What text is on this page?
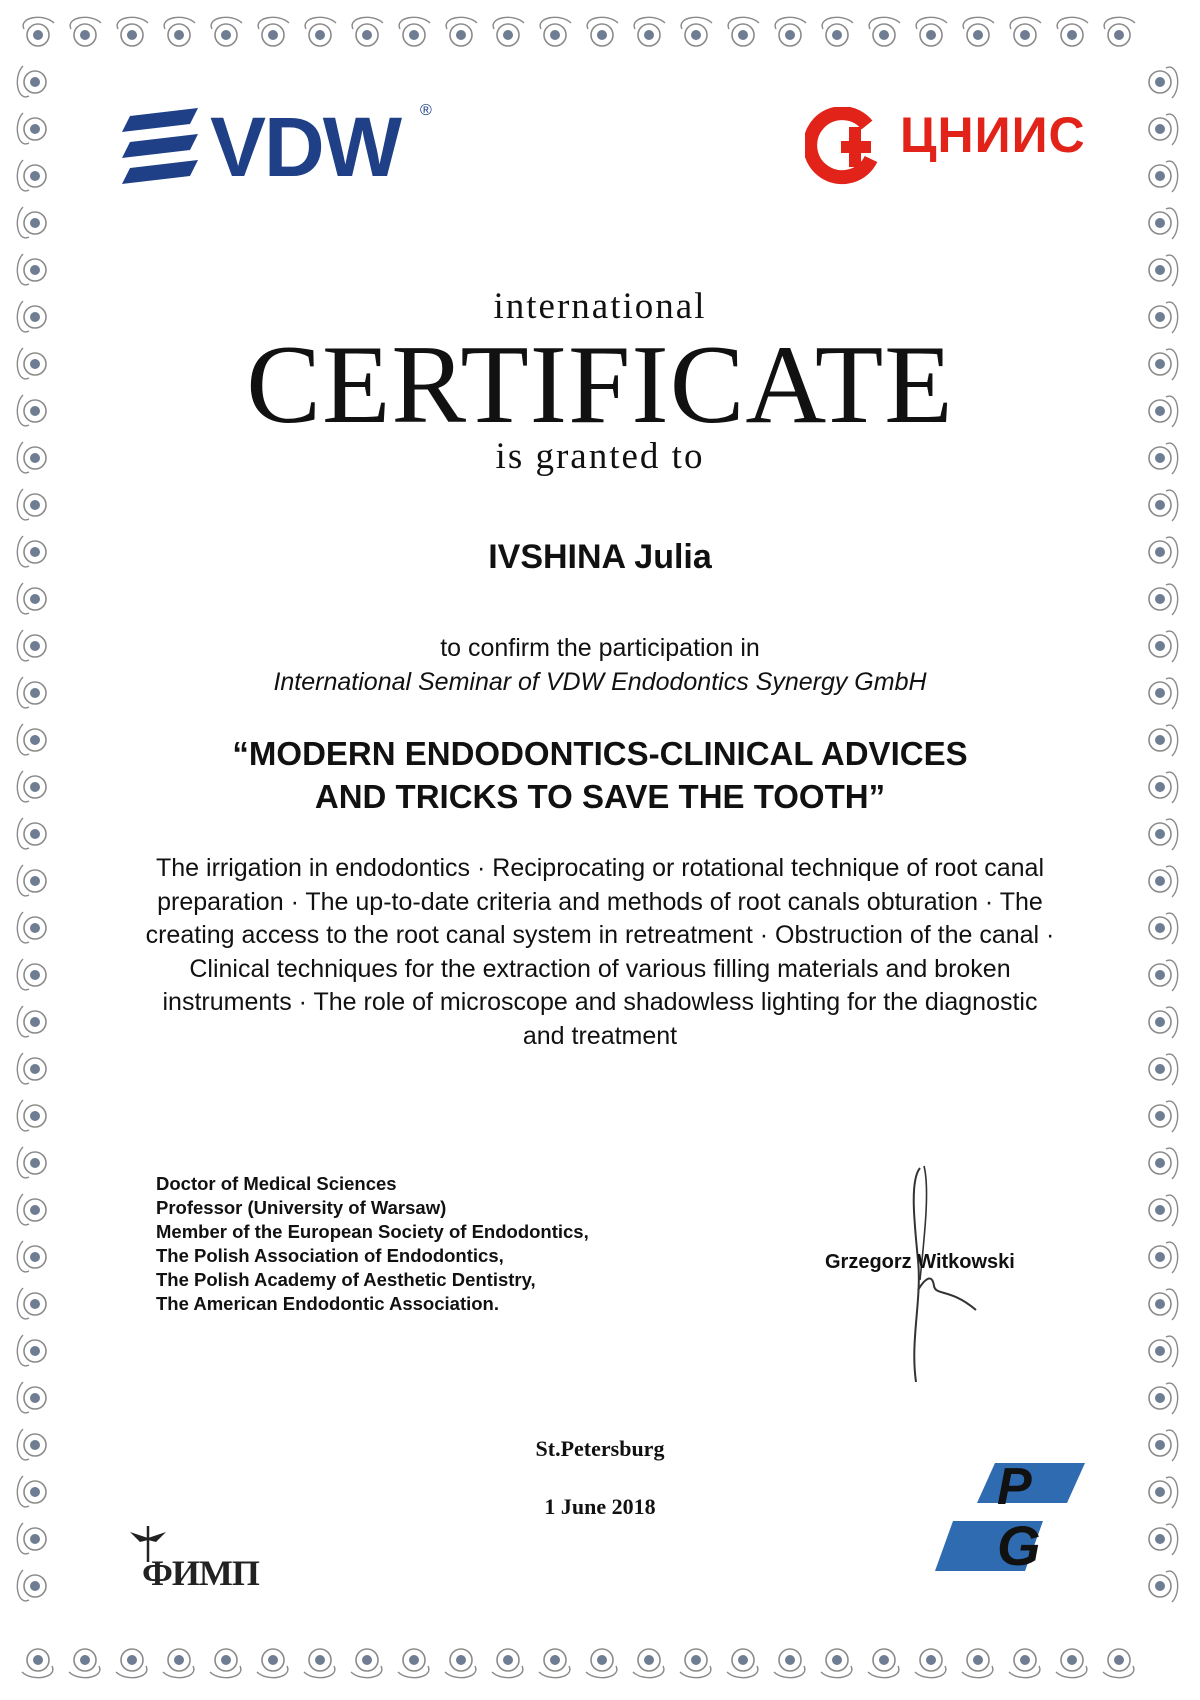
VDW ®	ЦНИИС
international
CERTIFICATE
is granted to
IVSHINA Julia
to confirm the participation in
International Seminar of VDW Endodontics Synergy GmbH
“MODERN ENDODONTICS-CLINICAL ADVICES
AND TRICKS TO SAVE THE TOOTH”
The irrigation in endodontics · Reciprocating or rotational technique of root canal preparation · The up-to-date criteria and methods of root canals obturation · The creating access to the root canal system in retreatment · Obstruction of the canal · Clinical techniques for the extraction of various filling materials and broken instruments · The role of microscope and shadowless lighting for the diagnostic and treatment
Doctor of Medical Sciences
Professor (University of Warsaw)
Member of the European Society of Endodontics,
The Polish Association of Endodontics,
The Polish Academy of Aesthetic Dentistry,
The American Endodontic Association.
Grzegorz Witkowski
St.Petersburg
1 June 2018
ФИМП
P
G
